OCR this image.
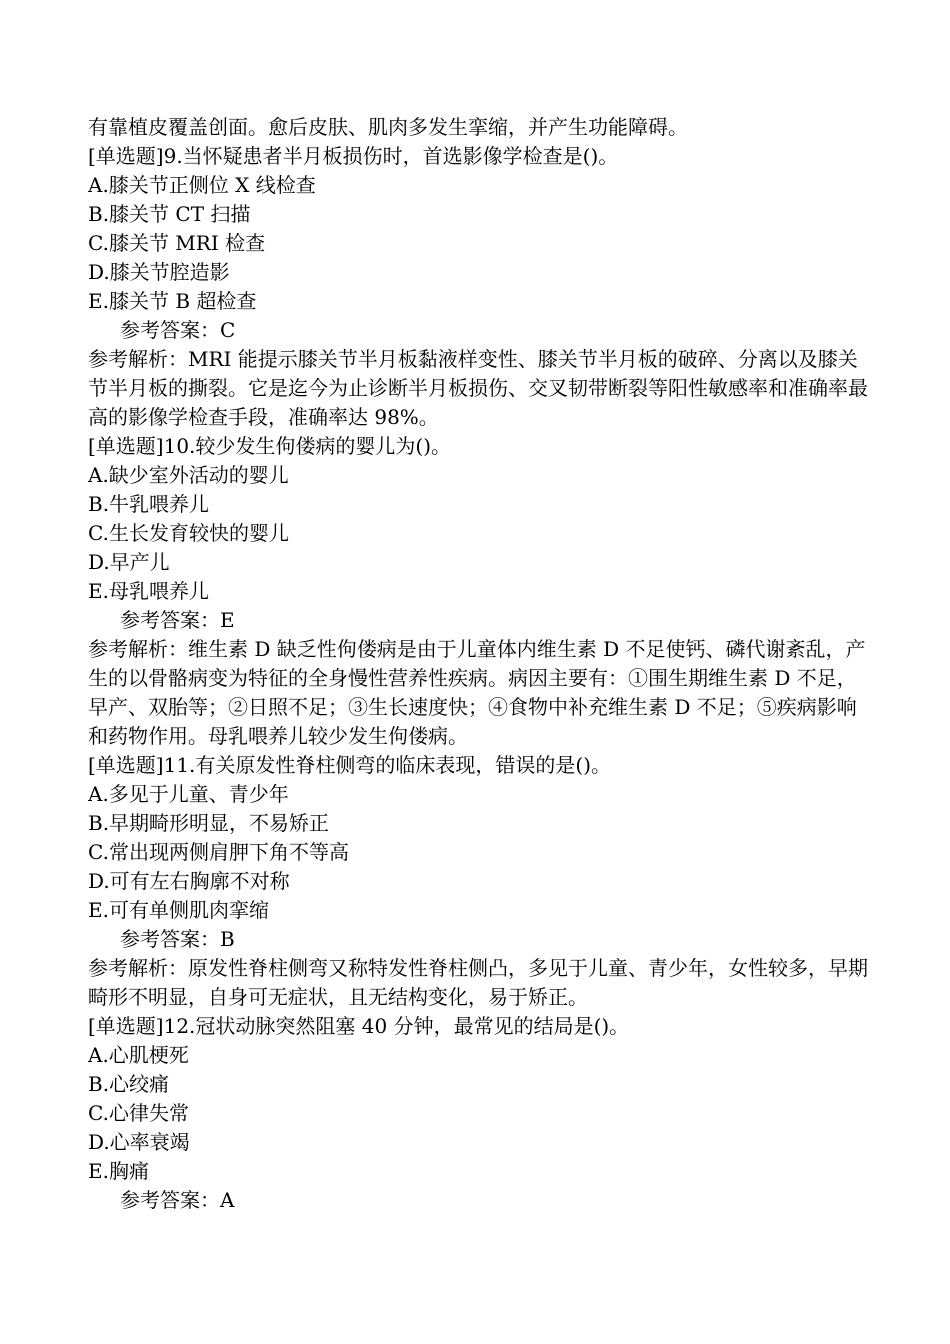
有靠植皮覆盖创面。愈后皮肤、肌肉多发生挛缩，并产生功能障碍。
[单选题]9.当怀疑患者半月板损伤时，首选影像学检查是()。
A.膝关节正侧位 X 线检查
B.膝关节 CT 扫描
C.膝关节 MRI 检查
D.膝关节腔造影
E.膝关节 B 超检查
参考答案：C
参考解析：MRI 能提示膝关节半月板黏液样变性、膝关节半月板的破碎、分离以及膝关节半月板的撕裂。它是迄今为止诊断半月板损伤、交叉韧带断裂等阳性敏感率和准确率最高的影像学检查手段，准确率达 98%。
[单选题]10.较少发生佝偻病的婴儿为()。
A.缺少室外活动的婴儿
B.牛乳喂养儿
C.生长发育较快的婴儿
D.早产儿
E.母乳喂养儿
参考答案：E
参考解析：维生素 D 缺乏性佝偻病是由于儿童体内维生素 D 不足使钙、磷代谢紊乱，产生的以骨骼病变为特征的全身慢性营养性疾病。病因主要有：①围生期维生素 D 不足，早产、双胎等；②日照不足；③生长速度快；④食物中补充维生素 D 不足；⑤疾病影响和药物作用。母乳喂养儿较少发生佝偻病。
[单选题]11.有关原发性脊柱侧弯的临床表现，错误的是()。
A.多见于儿童、青少年
B.早期畸形明显，不易矫正
C.常出现两侧肩胛下角不等高
D.可有左右胸廓不对称
E.可有单侧肌肉挛缩
参考答案：B
参考解析：原发性脊柱侧弯又称特发性脊柱侧凸，多见于儿童、青少年，女性较多，早期畸形不明显，自身可无症状，且无结构变化，易于矫正。
[单选题]12.冠状动脉突然阻塞 40 分钟，最常见的结局是()。
A.心肌梗死
B.心绞痛
C.心律失常
D.心率衰竭
E.胸痛
参考答案：A
